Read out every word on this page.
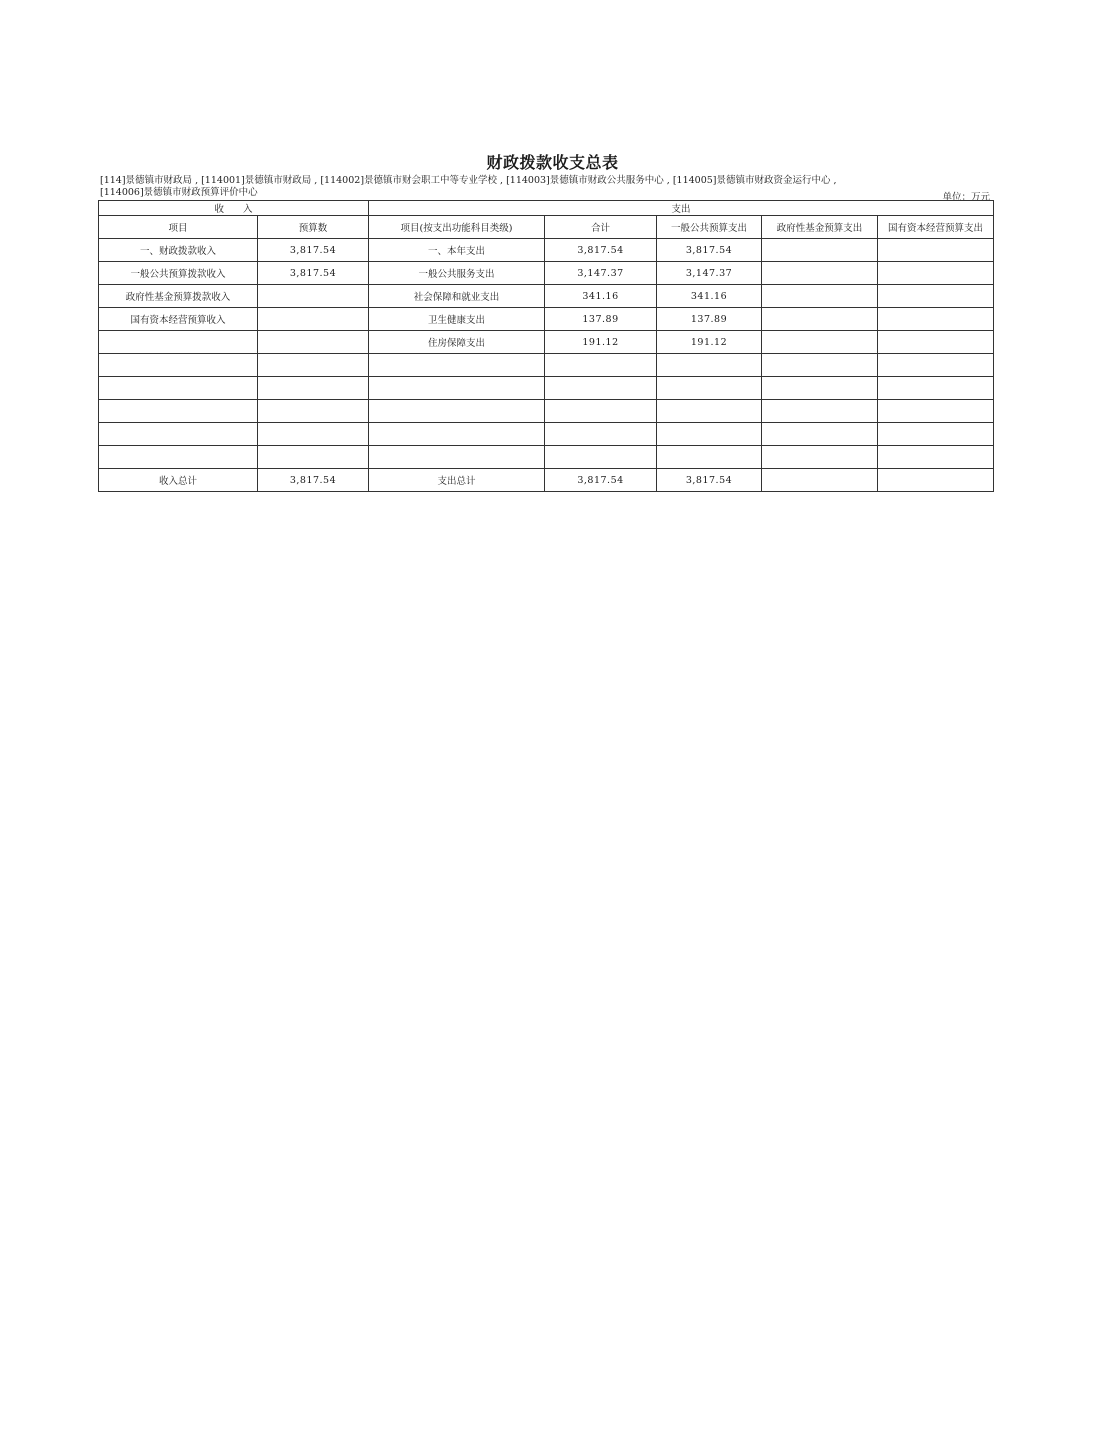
财政拨款收支总表
[114]景德镇市财政局 , [114001]景德镇市财政局 , [114002]景德镇市财会职工中等专业学校 , [114003]景德镇市财政公共服务中心 , [114005]景德镇市财政资金运行中心 , [114006]景德镇市财政预算评价中心	单位：万元
收　　入		支出				
项目	预算数	项目(按支出功能科目类级)	合计	一般公共预算支出	政府性基金预算支出	国有资本经营预算支出
一、财政拨款收入	3,817.54	一、本年支出	3,817.54	3,817.54		
一般公共预算拨款收入	3,817.54	一般公共服务支出	3,147.37	3,147.37		
政府性基金预算拨款收入		社会保障和就业支出	341.16	341.16		
国有资本经营预算收入		卫生健康支出	137.89	137.89		
		住房保障支出	191.12	191.12		

收入总计	3,817.54	支出总计	3,817.54	3,817.54		
